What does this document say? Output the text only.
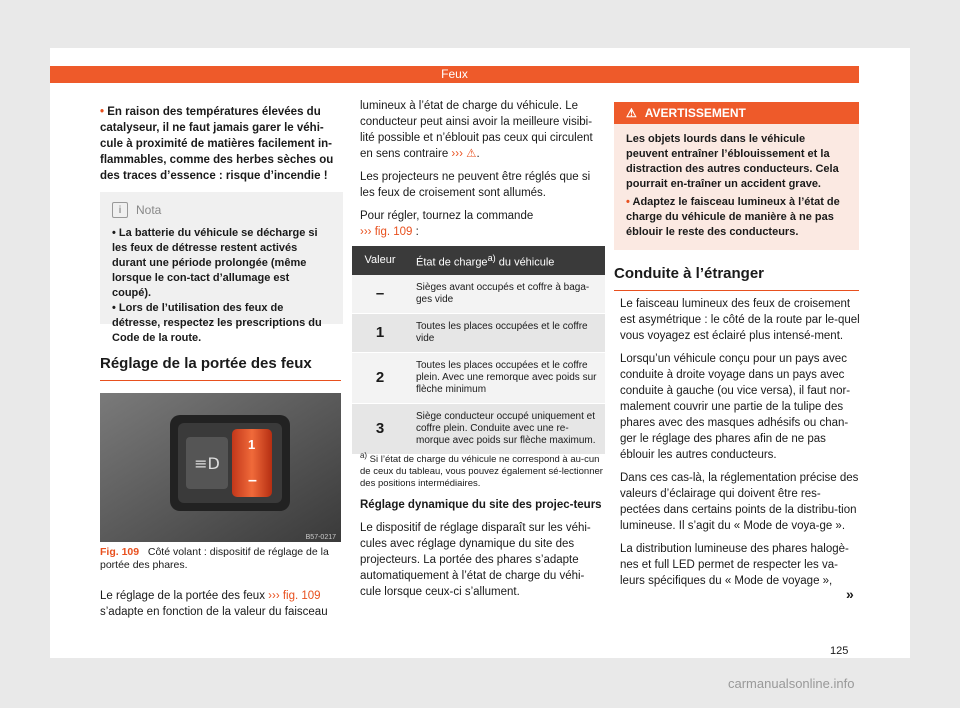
Feux
• En raison des températures élevées du catalyseur, il ne faut jamais garer le véhi-cule à proximité de matières facilement in-flammables, comme des herbes sèches ou des traces d’essence : risque d’incendie !
i	Nota
• La batterie du véhicule se décharge si les feux de détresse restent activés durant une période prolongée (même lorsque le con-tact d’allumage est coupé).
• Lors de l’utilisation des feux de détresse, respectez les prescriptions du Code de la route.
Réglage de la portée des feux
≡D
1
–
B57-0217
Fig. 109 Côté volant : dispositif de réglage de la portée des phares.
Le réglage de la portée des feux ››› fig. 109 s’adapte en fonction de la valeur du faisceau

lumineux à l’état de charge du véhicule. Le conducteur peut ainsi avoir la meilleure visibi-lité possible et n’éblouit pas ceux qui circulent en sens contraire ››› ⚠.

Les projecteurs ne peuvent être réglés que si les feux de croisement sont allumés.

Pour régler, tournez la commande
››› fig. 109 :

Valeur	État de charge$^{a)}$ du véhicule
–	Sièges avant occupés et coffre à baga-ges vide
1	Toutes les places occupées et le coffre vide
2	Toutes les places occupées et le coffre plein. Avec une remorque avec poids sur flèche minimum
3	Siège conducteur occupé uniquement et coffre plein. Conduite avec une re-morque avec poids sur flèche maximum.

$^{a)}$ Si l’état de charge du véhicule ne correspond à au-cun de ceux du tableau, vous pouvez également sé-lectionner des positions intermédiaires.

Réglage dynamique du site des projec-teurs

Le dispositif de réglage disparaît sur les véhi-cules avec réglage dynamique du site des projecteurs. La portée des phares s’adapte automatiquement à l’état de charge du véhi-cule lorsque ceux-ci s’allument.

⚠ AVERTISSEMENT
Les objets lourds dans le véhicule peuvent entraîner l’éblouissement et la distraction des autres conducteurs. Cela pourrait en-traîner un accident grave.
• Adaptez le faisceau lumineux à l’état de charge du véhicule de manière à ne pas éblouir le reste des conducteurs.
Conduite à l’étranger

Le faisceau lumineux des feux de croisement est asymétrique : le côté de la route par le-quel vous voyagez est éclairé plus intensé-ment.

Lorsqu’un véhicule conçu pour un pays avec conduite à droite voyage dans un pays avec conduite à gauche (ou vice versa), il faut nor-malement couvrir une partie de la tulipe des phares avec des masques adhésifs ou chan-ger le réglage des phares afin de ne pas éblouir les autres conducteurs.

Dans ces cas-là, la réglementation précise des valeurs d’éclairage qui doivent être res-pectées dans certains points de la distribu-tion lumineuse. Il s’agit du « Mode de voya-ge ».

La distribution lumineuse des phares halogè-nes et full LED permet de respecter les va-leurs spécifiques du « Mode de voyage »,

»
125
carmanualsonline.info
